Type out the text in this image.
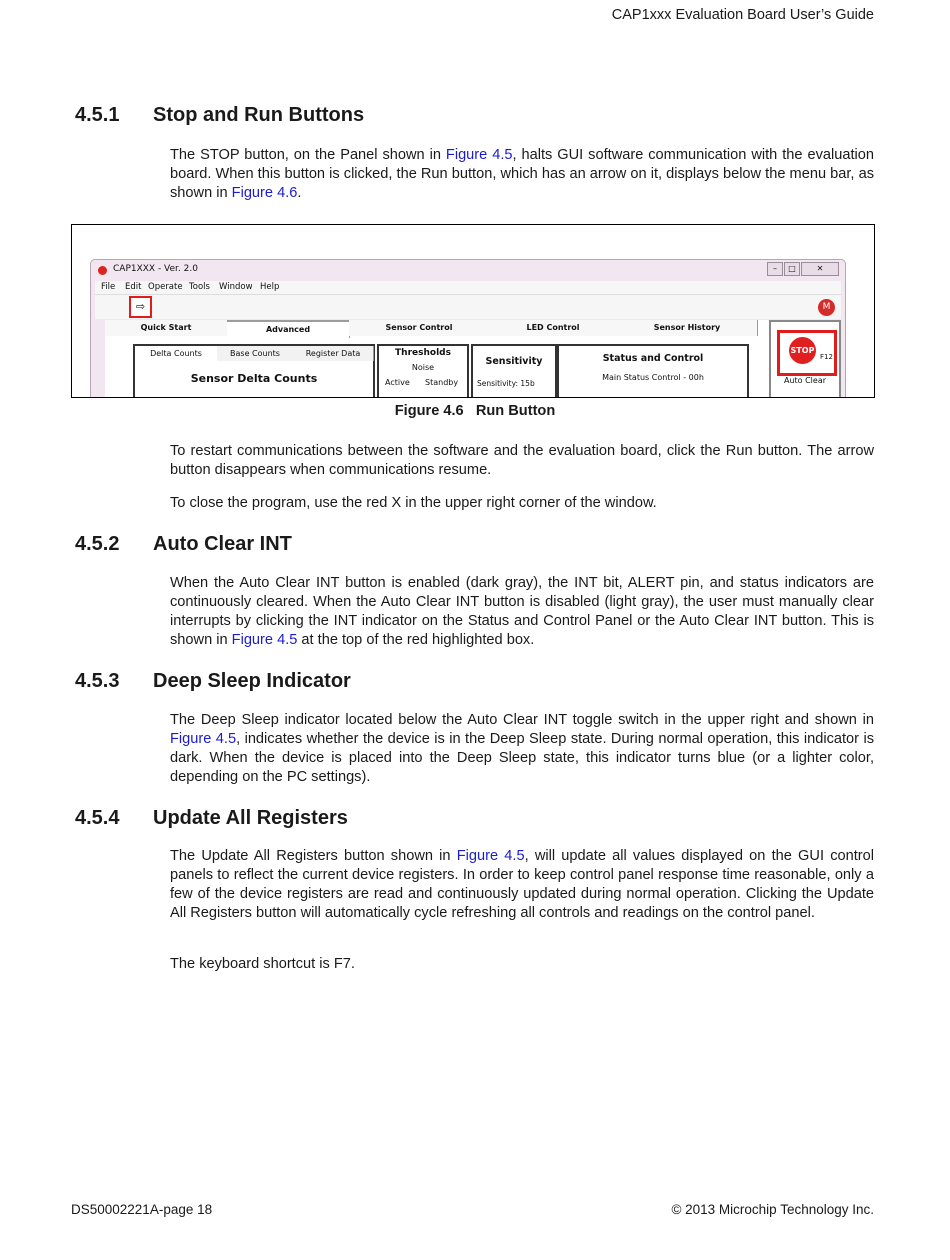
CAP1xxx Evaluation Board User’s Guide
4.5.1 Stop and Run Buttons
The STOP button, on the Panel shown in Figure 4.5, halts GUI software communication with the evaluation board. When this button is clicked, the Run button, which has an arrow on it, displays below the menu bar, as shown in Figure 4.6.
CAP1XXX - Ver. 2.0	–	□	✕
File Edit Operate Tools Window Help
⇨	M
Quick Start	Advanced	Sensor Control	LED Control	Sensor History
Delta Counts	Base Counts	Register Data
Sensor Delta Counts
Thresholds
Noise
Active Standby
Sensitivity
Sensitivity: 15b
Status and Control
Main Status Control - 00h
STOP
F12
Auto Clear
Figure 4.6   Run Button
To restart communications between the software and the evaluation board, click the Run button. The arrow button disappears when communications resume.
To close the program, use the red X in the upper right corner of the window.
4.5.2 Auto Clear INT
When the Auto Clear INT button is enabled (dark gray), the INT bit, ALERT pin, and status indicators are continuously cleared. When the Auto Clear INT button is disabled (light gray), the user must manually clear interrupts by clicking the INT indicator on the Status and Control Panel or the Auto Clear INT button. This is shown in Figure 4.5 at the top of the red highlighted box.
4.5.3 Deep Sleep Indicator
The Deep Sleep indicator located below the Auto Clear INT toggle switch in the upper right and shown in Figure 4.5, indicates whether the device is in the Deep Sleep state. During normal operation, this indicator is dark. When the device is placed into the Deep Sleep state, this indicator turns blue (or a lighter color, depending on the PC settings).
4.5.4 Update All Registers
The Update All Registers button shown in Figure 4.5, will update all values displayed on the GUI control panels to reflect the current device registers. In order to keep control panel response time reasonable, only a few of the device registers are read and continuously updated during normal operation. Clicking the Update All Registers button will automatically cycle refreshing all controls and readings on the control panel.
The keyboard shortcut is F7.
DS50002221A-page 18	© 2013 Microchip Technology Inc.
